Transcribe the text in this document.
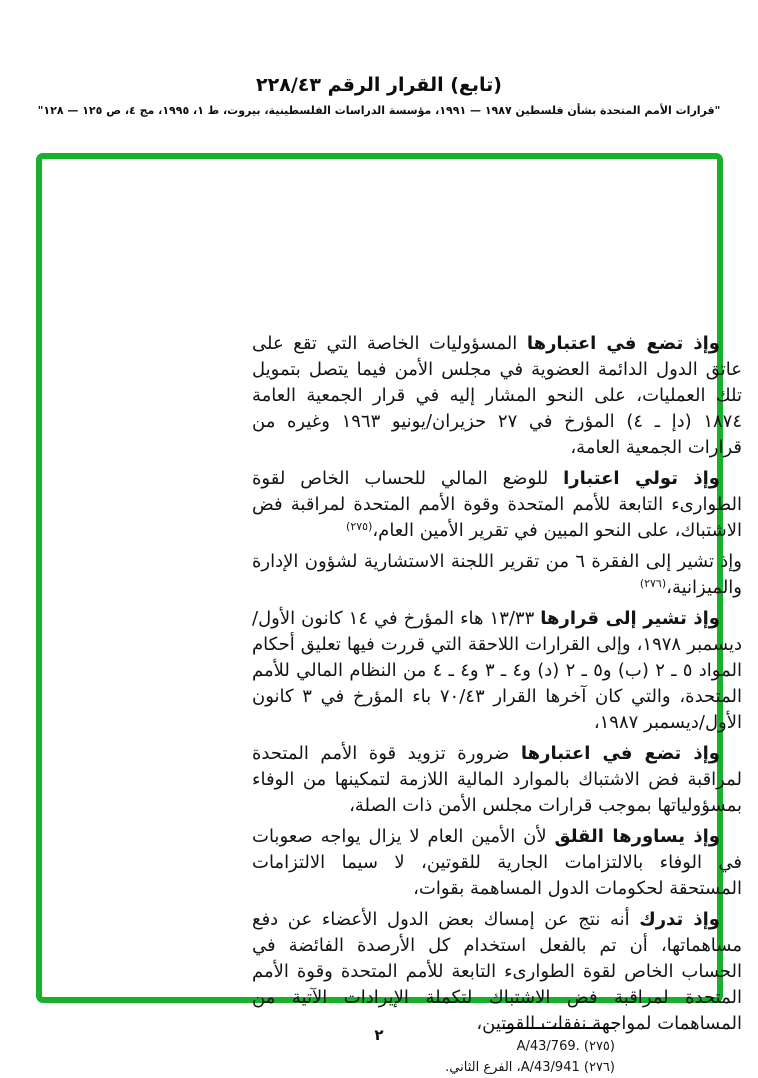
(تابع) القرار الرقم ٢٢٨/٤٣
"قرارات الأمم المتحدة بشأن فلسطين ١٩٨٧ — ١٩٩١، مؤسسة الدراسات الفلسطينية، بيروت، ط ١، ١٩٩٥، مج ٤، ص ١٢٥ — ١٢٨"

وإذ تضع في اعتبارها المسؤوليات الخاصة التي تقع على عاتق الدول الدائمة العضوية في مجلس الأمن فيما يتصل بتمويل تلك العمليات، على النحو المشار إليه في قرار الجمعية العامة ١٨٧٤ (دإ ـ ٤) المؤرخ في ٢٧ حزيران/يونيو ١٩٦٣ وغيره من قرارات الجمعية العامة،

وإذ تولي اعتبارا للوضع المالي للحساب الخاص لقوة الطوارىء التابعة للأمم المتحدة وقوة الأمم المتحدة لمراقبة فض الاشتباك، على النحو المبين في تقرير الأمين العام،$^{(٢٧٥)}$

وإذ تشير إلى الفقرة ٦ من تقرير اللجنة الاستشارية لشؤون الإدارة والميزانية،$^{(٢٧٦)}$

وإذ تشير إلى قرارها ١٣/٣٣ هاء المؤرخ في ١٤ كانون الأول/ديسمبر ١٩٧٨، وإلى القرارات اللاحقة التي قررت فيها تعليق أحكام المواد ٥ ـ ٢ (ب) و٥ ـ ٢ (د) و٤ ـ ٣ و٤ ـ ٤ من النظام المالي للأمم المتحدة، والتي كان آخرها القرار ٧٠/٤٣ باء المؤرخ في ٣ كانون الأول/ديسمبر ١٩٨٧،

وإذ تضع في اعتبارها ضرورة تزويد قوة الأمم المتحدة لمراقبة فض الاشتباك بالموارد المالية اللازمة لتمكينها من الوفاء بمسؤولياتها بموجب قرارات مجلس الأمن ذات الصلة،

وإذ يساورها القلق لأن الأمين العام لا يزال يواجه صعوبات في الوفاء بالالتزامات الجارية للقوتين، لا سيما الالتزامات المستحقة لحكومات الدول المساهمة بقوات،

وإذ تدرك أنه نتج عن إمساك بعض الدول الأعضاء عن دفع مساهماتها، أن تم بالفعل استخدام كل الأرصدة الفائضة في الحساب الخاص لقوة الطوارىء التابعة للأمم المتحدة وقوة الأمم المتحدة لمراقبة فض الاشتباك لتكملة الإيرادات الآتية من المساهمات لمواجهة نفقات القوتين،

(٢٧٥) A/43/769.‎
(٢٧٦) A/43/941، الفرع الثاني.
٢
